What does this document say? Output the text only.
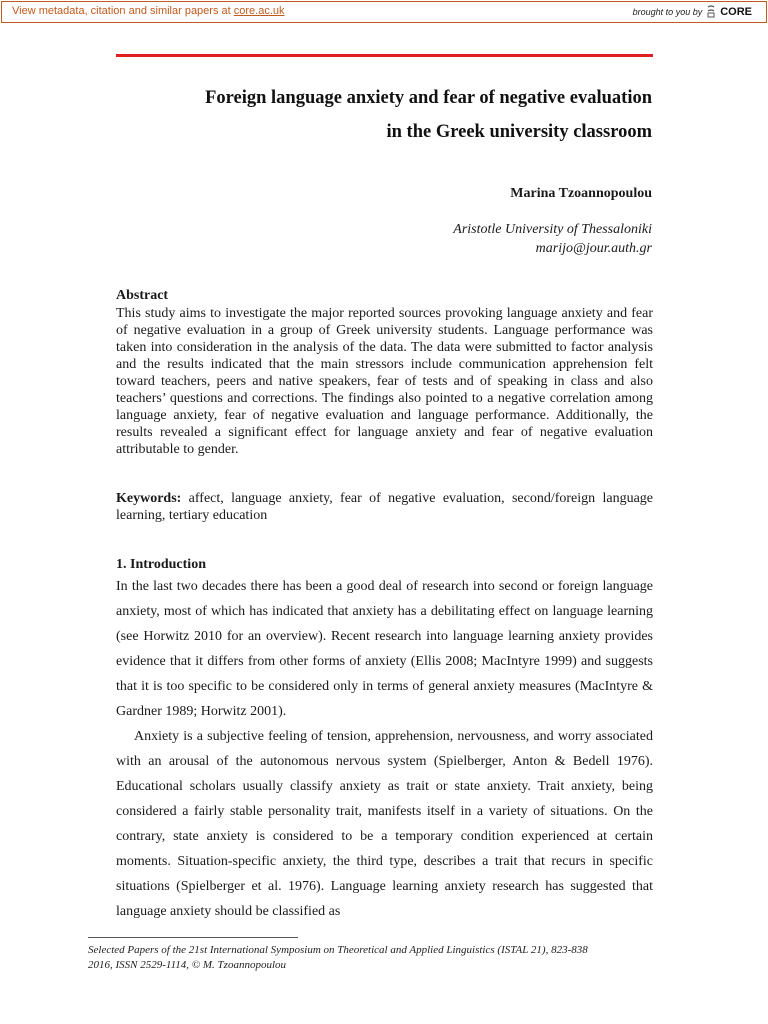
View metadata, citation and similar papers at core.ac.uk	brought to you by CORE
Foreign language anxiety and fear of negative evaluation
in the Greek university classroom
Marina Tzoannopoulou
Aristotle University of Thessaloniki
marijo@jour.auth.gr
Abstract
This study aims to investigate the major reported sources provoking language anxiety and fear of negative evaluation in a group of Greek university students. Language performance was taken into consideration in the analysis of the data. The data were submitted to factor analysis and the results indicated that the main stressors include communication apprehension felt toward teachers, peers and native speakers, fear of tests and of speaking in class and also teachers’ questions and corrections. The findings also pointed to a negative correlation among language anxiety, fear of negative evaluation and language performance. Additionally, the results revealed a significant effect for language anxiety and fear of negative evaluation attributable to gender.
Keywords: affect, language anxiety, fear of negative evaluation, second/foreign language learning, tertiary education
1. Introduction

In the last two decades there has been a good deal of research into second or foreign language anxiety, most of which has indicated that anxiety has a debilitating effect on language learning (see Horwitz 2010 for an overview). Recent research into language learning anxiety provides evidence that it differs from other forms of anxiety (Ellis 2008; MacIntyre 1999) and suggests that it is too specific to be considered only in terms of general anxiety measures (MacIntyre & Gardner 1989; Horwitz 2001).

Anxiety is a subjective feeling of tension, apprehension, nervousness, and worry associated with an arousal of the autonomous nervous system (Spielberger, Anton & Bedell 1976). Educational scholars usually classify anxiety as trait or state anxiety. Trait anxiety, being considered a fairly stable personality trait, manifests itself in a variety of situations. On the contrary, state anxiety is considered to be a temporary condition experienced at certain moments. Situation-specific anxiety, the third type, describes a trait that recurs in specific situations (Spielberger et al. 1976). Language learning anxiety research has suggested that language anxiety should be classified as

Selected Papers of the 21st International Symposium on Theoretical and Applied Linguistics (ISTAL 21), 823-838
2016, ISSN 2529-1114, © M. Tzoannopoulou
